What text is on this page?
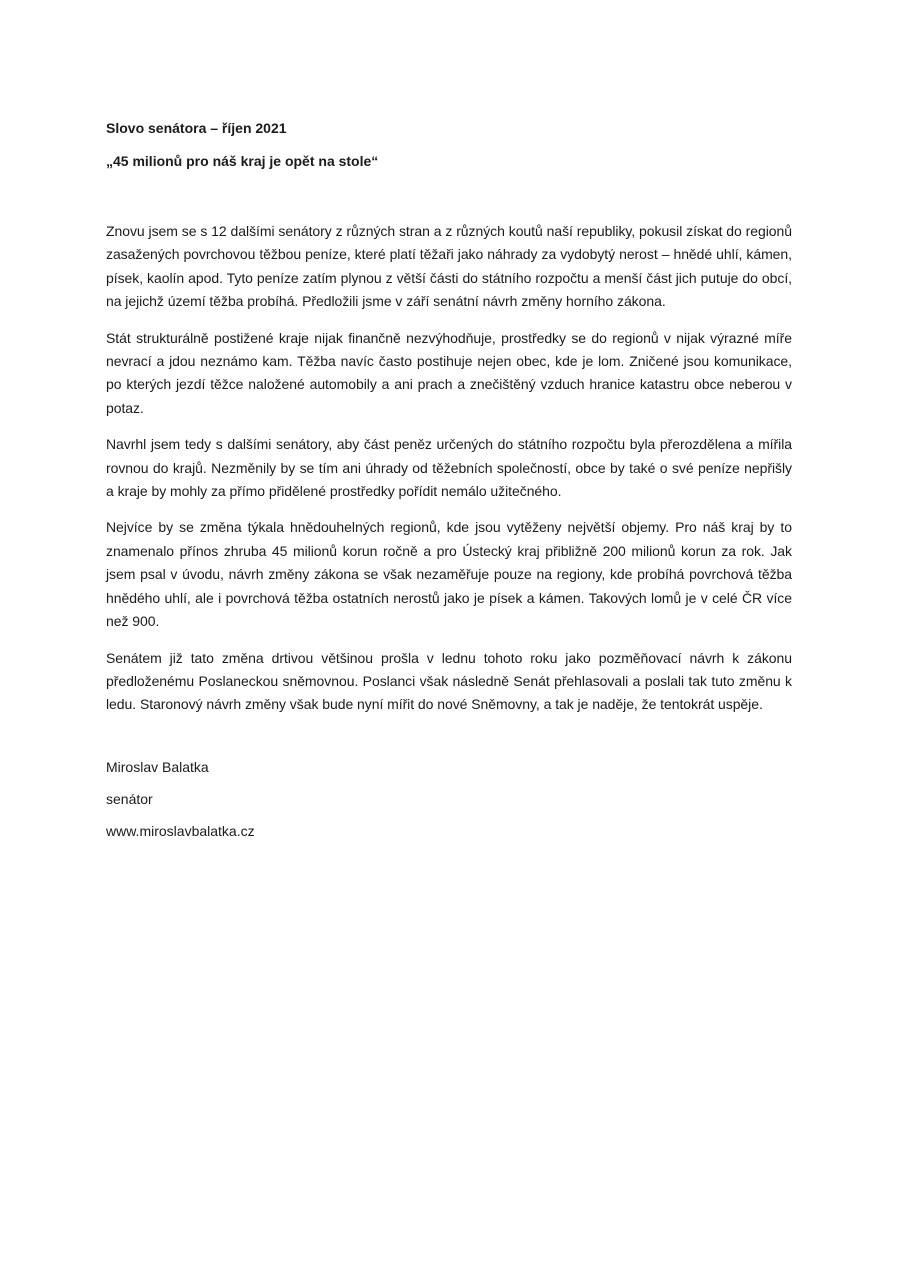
Slovo senátora – říjen 2021

„45 milionů pro náš kraj je opět na stole“

Znovu jsem se s 12 dalšími senátory z různých stran a z různých koutů naší republiky, pokusil získat do regionů zasažených povrchovou těžbou peníze, které platí těžaři jako náhrady za vydobytý nerost – hnědé uhlí, kámen, písek, kaolín apod. Tyto peníze zatím plynou z větší části do státního rozpočtu a menší část jich putuje do obcí, na jejichž území těžba probíhá. Předložili jsme v září senátní návrh změny horního zákona.

Stát strukturálně postižené kraje nijak finančně nezvýhodňuje, prostředky se do regionů v nijak výrazné míře nevrací a jdou neznámo kam. Těžba navíc často postihuje nejen obec, kde je lom. Zničené jsou komunikace, po kterých jezdí těžce naložené automobily a ani prach a znečištěný vzduch hranice katastru obce neberou v potaz.

Navrhl jsem tedy s dalšími senátory, aby část peněz určených do státního rozpočtu byla přerozdělena a mířila rovnou do krajů. Nezměnily by se tím ani úhrady od těžebních společností, obce by také o své peníze nepřišly a kraje by mohly za přímo přidělené prostředky pořídit nemálo užitečného.

Nejvíce by se změna týkala hnědouhelných regionů, kde jsou vytěženy největší objemy. Pro náš kraj by to znamenalo přínos zhruba 45 milionů korun ročně a pro Ústecký kraj přibližně 200 milionů korun za rok. Jak jsem psal v úvodu, návrh změny zákona se však nezaměřuje pouze na regiony, kde probíhá povrchová těžba hnědého uhlí, ale i povrchová těžba ostatních nerostů jako je písek a kámen. Takových lomů je v celé ČR více než 900.

Senátem již tato změna drtivou většinou prošla v lednu tohoto roku jako pozměňovací návrh k zákonu předloženému Poslaneckou sněmovnou. Poslanci však následně Senát přehlasovali a poslali tak tuto změnu k ledu. Staronový návrh změny však bude nyní mířit do nové Sněmovny, a tak je naděje, že tentokrát uspěje.

Miroslav Balatka

senátor

www.miroslavbalatka.cz
